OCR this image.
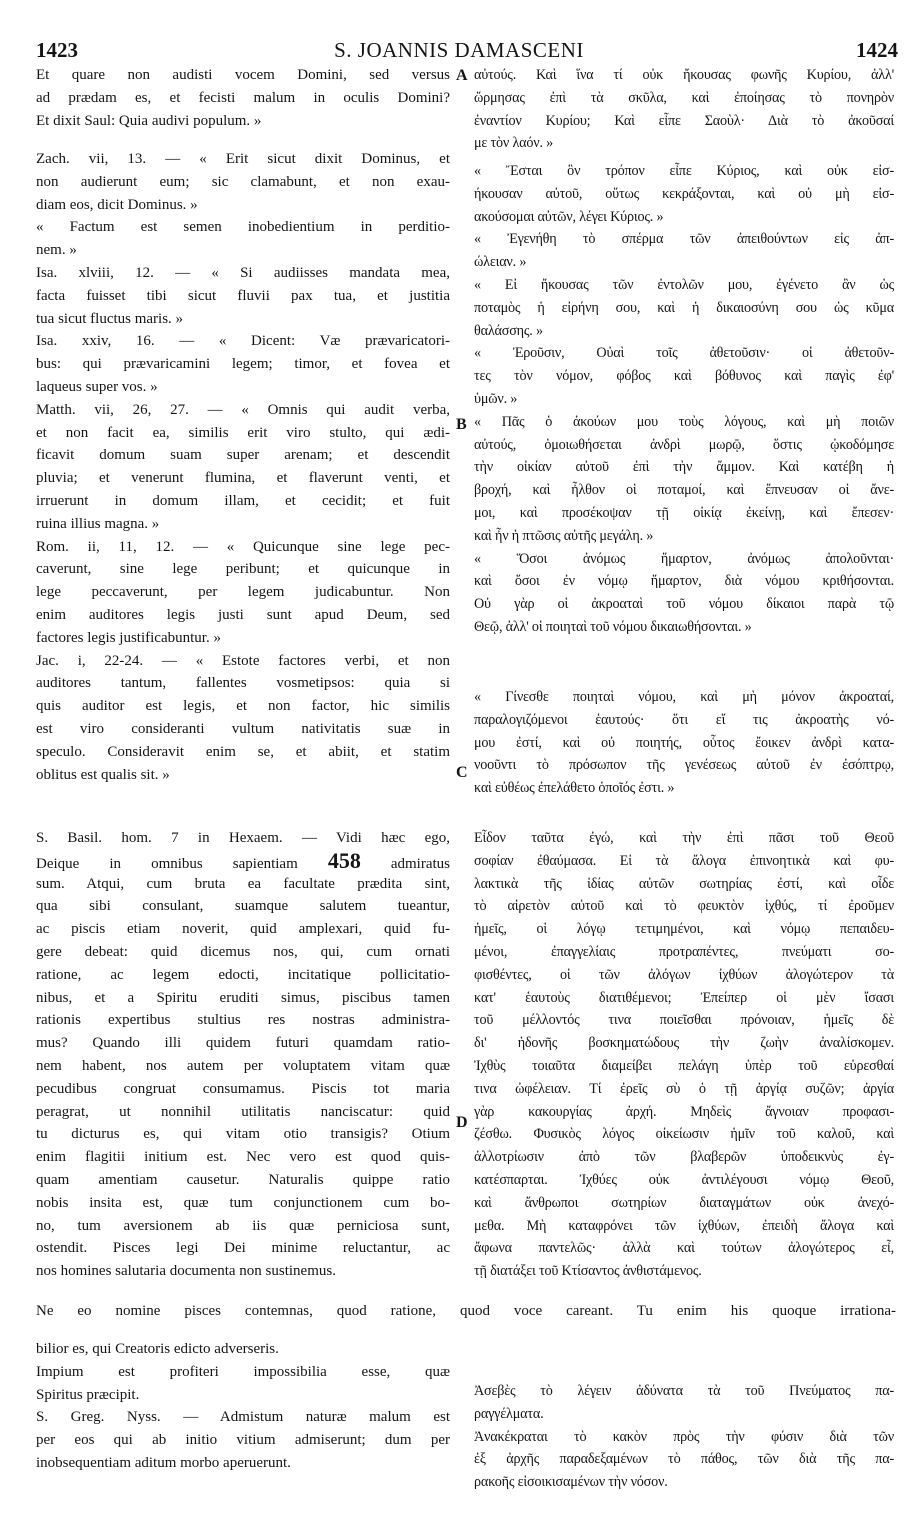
1423	S. JOANNIS DAMASCENI	1424
Et quare non audisti vocem Domini, sed versus
ad prædam es, et fecisti malum in oculis Domini?
Et dixit Saul: Quia audivi populum. »
Zach. vii, 13. — « Erit sicut dixit Dominus, et
non audierunt eum; sic clamabunt, et non exau-
diam eos, dicit Dominus. »
« Factum est semen inobedientium in perditio-
nem. »
Isa. xlviii, 12. — « Si audiisses mandata mea,
facta fuisset tibi sicut fluvii pax tua, et justitia
tua sicut fluctus maris. »
Isa. xxiv, 16. — « Dicent: Væ prævaricatori-
bus: qui prævaricamini legem; timor, et fovea et
laqueus super vos. »
Matth. vii, 26, 27. — « Omnis qui audit verba,
et non facit ea, similis erit viro stulto, qui ædi-
ficavit domum suam super arenam; et descendit
pluvia; et venerunt flumina, et flaverunt venti, et
irruerunt in domum illam, et cecidit; et fuit
ruina illius magna. »
Rom. ii, 11, 12. — « Quicunque sine lege pec-
caverunt, sine lege peribunt; et quicunque in
lege peccaverunt, per legem judicabuntur. Non
enim auditores legis justi sunt apud Deum, sed
factores legis justificabuntur. »
Jac. i, 22-24. — « Estote factores verbi, et non
auditores tantum, fallentes vosmetipsos: quia si
quis auditor est legis, et non factor, hic similis
est viro consideranti vultum nativitatis suæ in
speculo. Consideravit enim se, et abiit, et statim
oblitus est qualis sit. »
S. Basil. hom. 7 in Hexaem. — Vidi hæc ego,
Deique in omnibus sapientiam 458 admiratus
sum. Atqui, cum bruta ea facultate prædita sint,
qua sibi consulant, suamque salutem tueantur,
ac piscis etiam noverit, quid amplexari, quid fu-
gere debeat: quid dicemus nos, qui, cum ornati
ratione, ac legem edocti, incitatique pollicitatio-
nibus, et a Spiritu eruditi simus, piscibus tamen
rationis expertibus stultius res nostras administra-
mus? Quando illi quidem futuri quamdam ratio-
nem habent, nos autem per voluptatem vitam quæ
pecudibus congruat consumamus. Piscis tot maria
peragrat, ut nonnihil utilitatis nanciscatur: quid
tu dicturus es, qui vitam otio transigis? Otium
enim flagitii initium est. Nec vero est quod quis-
quam amentiam causetur. Naturalis quippe ratio
nobis insita est, quæ tum conjunctionem cum bo-
no, tum aversionem ab iis quæ perniciosa sunt,
ostendit. Pisces legi Dei minime reluctantur, ac
nos homines salutaria documenta non sustinemus.
bilior es, qui Creatoris edicto adverseris.
Impium est profiteri impossibilia esse, quæ
Spiritus præcipit.
S. Greg. Nyss. — Admistum naturæ malum est
per eos qui ab initio vitium admiserunt; dum per
inobsequentiam aditum morbo aperuerunt.
Ne eo nomine pisces contemnas, quod ratione, quod voce careant. Tu enim his quoque irrationa-
αὐτούς. Καὶ ἵνα τί οὐκ ἤκουσας φωνῆς Κυρίου, ἀλλ'
ὥρμησας ἐπὶ τὰ σκῦλα, καὶ ἐποίησας τὸ πονηρὸν
ἐναντίον Κυρίου; Καὶ εἶπε Σαοὺλ· Διὰ τὸ ἀκοῦσαί
με τὸν λαόν. »
« Ἔσται ὃν τρόπον εἶπε Κύριος, καὶ οὐκ εἰσ-
ήκουσαν αὐτοῦ, οὕτως κεκράξονται, καὶ οὐ μὴ εἰσ-
ακούσομαι αὐτῶν, λέγει Κύριος. »
« Ἐγενήθη τὸ σπέρμα τῶν ἀπειθούντων εἰς ἀπ-
ώλειαν. »
« Εἰ ἤκουσας τῶν ἐντολῶν μου, ἐγένετο ἂν ὡς
ποταμὸς ἡ εἰρήνη σου, καὶ ἡ δικαιοσύνη σου ὡς κῦμα
θαλάσσης. »
« Ἐροῦσιν, Οὐαὶ τοῖς ἀθετοῦσιν· οἱ ἀθετοῦν-
τες τὸν νόμον, φόβος καὶ βόθυνος καὶ παγὶς ἐφ'
ὑμῶν. »
« Πᾶς ὁ ἀκούων μου τοὺς λόγους, καὶ μὴ ποιῶν
αὐτούς, ὁμοιωθήσεται ἀνδρὶ μωρῷ, ὅστις ᾠκοδόμησε
τὴν οἰκίαν αὐτοῦ ἐπὶ τὴν ἄμμον. Καὶ κατέβη ἡ
βροχή, καὶ ἦλθον οἱ ποταμοί, καὶ ἔπνευσαν οἱ ἄνε-
μοι, καὶ προσέκοψαν τῇ οἰκίᾳ ἐκείνῃ, καὶ ἔπεσεν·
καὶ ἦν ἡ πτῶσις αὐτῆς μεγάλη. »
« Ὅσοι ἀνόμως ἥμαρτον, ἀνόμως ἀπολοῦνται·
καὶ ὅσοι ἐν νόμῳ ἥμαρτον, διὰ νόμου κριθήσονται.
Οὐ γὰρ οἱ ἀκροαταὶ τοῦ νόμου δίκαιοι παρὰ τῷ
Θεῷ, ἀλλ' οἱ ποιηταὶ τοῦ νόμου δικαιωθήσονται. »
« Γίνεσθε ποιηταὶ νόμου, καὶ μὴ μόνον ἀκροαταί,
παραλογιζόμενοι ἑαυτούς· ὅτι εἴ τις ἀκροατὴς νό-
μου ἐστί, καὶ οὐ ποιητής, οὗτος ἔοικεν ἀνδρὶ κατα-
νοοῦντι τὸ πρόσωπον τῆς γενέσεως αὐτοῦ ἐν ἐσόπτρῳ,
καὶ εὐθέως ἐπελάθετο ὁποῖός ἐστι. »
Εἶδον ταῦτα ἐγώ, καὶ τὴν ἐπὶ πᾶσι τοῦ Θεοῦ
σοφίαν ἐθαύμασα. Εἰ τὰ ἄλογα ἐπινοητικὰ καὶ φυ-
λακτικὰ τῆς ἰδίας αὐτῶν σωτηρίας ἐστί, καὶ οἶδε
τὸ αἱρετὸν αὐτοῦ καὶ τὸ φευκτὸν ἰχθύς, τί ἐροῦμεν
ἡμεῖς, οἱ λόγῳ τετιμημένοι, καὶ νόμῳ πεπαιδευ-
μένοι, ἐπαγγελίαις προτραπέντες, πνεύματι σο-
φισθέντες, οἱ τῶν ἀλόγων ἰχθύων ἀλογώτερον τὰ
κατ' ἑαυτοὺς διατιθέμενοι; Ἐπείπερ οἱ μὲν ἴσασι
τοῦ μέλλοντός τινα ποιεῖσθαι πρόνοιαν, ἡμεῖς δὲ
δι' ἡδονῆς βοσκηματώδους τὴν ζωὴν ἀναλίσκομεν.
Ἰχθὺς τοιαῦτα διαμείβει πελάγη ὑπὲρ τοῦ εὑρεσθαί
τινα ὠφέλειαν. Τί ἐρεῖς σὺ ὁ τῇ ἀργίᾳ συζῶν; ἀργία
γὰρ κακουργίας ἀρχή. Μηδεὶς ἄγνοιαν προφασι-
ζέσθω. Φυσικὸς λόγος οἰκείωσιν ἡμῖν τοῦ καλοῦ, καὶ
ἀλλοτρίωσιν ἀπὸ τῶν βλαβερῶν ὑποδεικνὺς ἐγ-
κατέσπαρται. Ἰχθύες οὐκ ἀντιλέγουσι νόμῳ Θεοῦ,
καὶ ἄνθρωποι σωτηρίων διαταγμάτων οὐκ ἀνεχό-
μεθα. Μὴ καταφρόνει τῶν ἰχθύων, ἐπειδὴ ἄλογα καὶ
ἄφωνα παντελῶς· ἀλλὰ καὶ τούτων ἀλογώτερος εἶ,
τῇ διατάξει τοῦ Κτίσαντος ἀνθιστάμενος.
Ἀσεβὲς τὸ λέγειν ἀδύνατα τὰ τοῦ Πνεύματος πα-
ραγγέλματα.
Ἀνακέκραται τὸ κακὸν πρὸς τὴν φύσιν διὰ τῶν
ἐξ ἀρχῆς παραδεξαμένων τὸ πάθος, τῶν διὰ τῆς πα-
ρακοῆς εἰσοικισαμένων τὴν νόσον.
A
B
C
D
